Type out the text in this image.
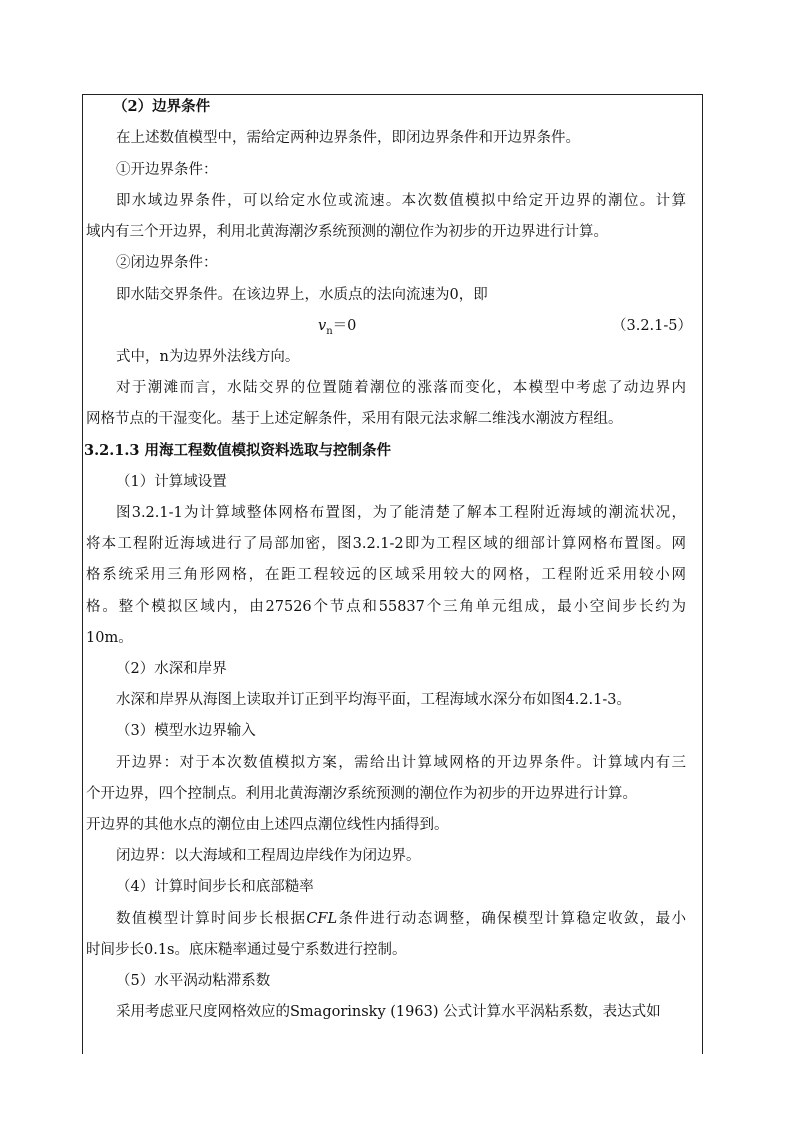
（2）边界条件
在上述数值模型中，需给定两种边界条件，即闭边界条件和开边界条件。
①开边界条件：
即水域边界条件，可以给定水位或流速。本次数值模拟中给定开边界的潮位。计算
域内有三个开边界，利用北黄海潮汐系统预测的潮位作为初步的开边界进行计算。
②闭边界条件：
即水陆交界条件。在该边界上，水质点的法向流速为0，即
$v_n=0$	（3.2.1-5）
式中，n为边界外法线方向。
对于潮滩而言，水陆交界的位置随着潮位的涨落而变化，本模型中考虑了动边界内
网格节点的干湿变化。基于上述定解条件，采用有限元法求解二维浅水潮波方程组。
3.2.1.3 用海工程数值模拟资料选取与控制条件
（1）计算域设置
图3.2.1-1为计算域整体网格布置图，为了能清楚了解本工程附近海域的潮流状况，
将本工程附近海域进行了局部加密，图3.2.1-2即为工程区域的细部计算网格布置图。网
格系统采用三角形网格，在距工程较远的区域采用较大的网格，工程附近采用较小网
格。整个模拟区域内，由27526个节点和55837个三角单元组成，最小空间步长约为
10m。
（2）水深和岸界
水深和岸界从海图上读取并订正到平均海平面，工程海域水深分布如图4.2.1-3。
（3）模型水边界输入
开边界：对于本次数值模拟方案，需给出计算域网格的开边界条件。计算域内有三
个开边界，四个控制点。利用北黄海潮汐系统预测的潮位作为初步的开边界进行计算。
开边界的其他水点的潮位由上述四点潮位线性内插得到。
闭边界：以大海域和工程周边岸线作为闭边界。
（4）计算时间步长和底部糙率
数值模型计算时间步长根据CFL条件进行动态调整，确保模型计算稳定收敛，最小
时间步长0.1s。底床糙率通过曼宁系数进行控制。
（5）水平涡动粘滞系数
采用考虑亚尺度网格效应的Smagorinsky (1963) 公式计算水平涡粘系数，表达式如
